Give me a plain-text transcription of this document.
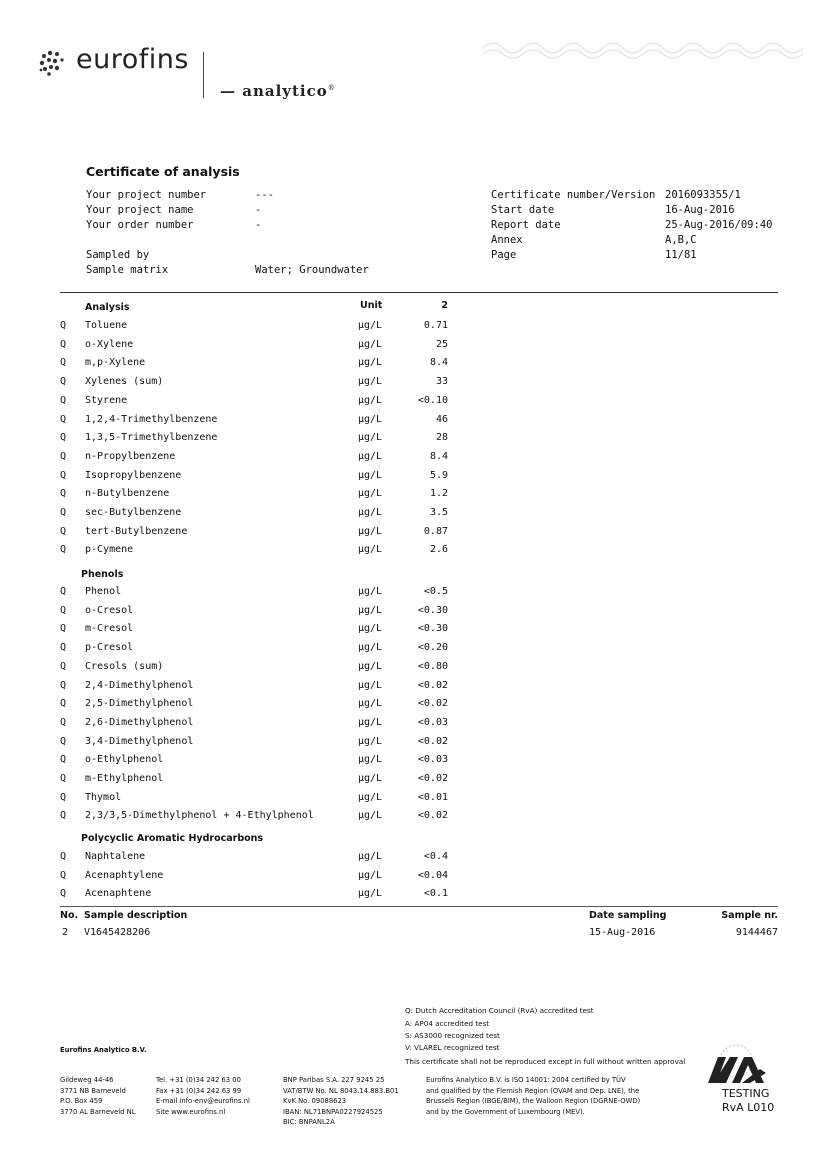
eurofins
— analytico®
Certificate of analysis
Your project number	---
Your project name	-
Your order number	-
Sampled by
Sample matrix	Water; Groundwater
Certificate number/Version 2016093355/1
Start date	16-Aug-2016
Report date	25-Aug-2016/09:40
Annex	A,B,C
Page	11/81
Analysis	Unit	2
Q Toluene	µg/L	0.71
Q o-Xylene	µg/L	25
Q m,p-Xylene	µg/L	8.4
Q Xylenes (sum)	µg/L	33
Q Styrene	µg/L	<0.10
Q 1,2,4-Trimethylbenzene	µg/L	46
Q 1,3,5-Trimethylbenzene	µg/L	28
Q n-Propylbenzene	µg/L	8.4
Q Isopropylbenzene	µg/L	5.9
Q n-Butylbenzene	µg/L	1.2
Q sec-Butylbenzene	µg/L	3.5
Q tert-Butylbenzene	µg/L	0.87
Q p-Cymene	µg/L	2.6
Phenols
Q Phenol	µg/L	<0.5
Q o-Cresol	µg/L	<0.30
Q m-Cresol	µg/L	<0.30
Q p-Cresol	µg/L	<0.20
Q Cresols (sum)	µg/L	<0.80
Q 2,4-Dimethylphenol	µg/L	<0.02
Q 2,5-Dimethylphenol	µg/L	<0.02
Q 2,6-Dimethylphenol	µg/L	<0.03
Q 3,4-Dimethylphenol	µg/L	<0.02
Q o-Ethylphenol	µg/L	<0.03
Q m-Ethylphenol	µg/L	<0.02
Q Thymol	µg/L	<0.01
Q 2,3/3,5-Dimethylphenol + 4-Ethylphenol	µg/L	<0.02
Polycyclic Aromatic Hydrocarbons
Q Naphtalene	µg/L	<0.4
Q Acenaphtylene	µg/L	<0.04
Q Acenaphtene	µg/L	<0.1
No. Sample description	Date sampling	Sample nr.
2 V1645428206	15-Aug-2016	9144467
Q: Dutch Accreditation Council (RvA) accredited test
A: AP04 accredited test
S: AS3000 recognized test
V: VLAREL recognized test
This certificate shall not be reproduced except in full without written approval
Eurofins Analytico B.V.
Gildeweg 44-46
3771 NB Barneveld
P.O. Box 459
3770 AL Barneveld NL
Tel. +31 (0)34 242 63 00
Fax +31 (0)34 242 63 99
E-mail info-env@eurofins.nl
Site www.eurofins.nl
BNP Paribas S.A. 227 9245 25
VAT/BTW No. NL 8043.14.883.B01
KvK No. 09088623
IBAN: NL71BNPA0227924525
BIC: BNPANL2A
Eurofins Analytico B.V. is ISO 14001: 2004 certified by TÜV
and qualified by the Flemish Region (OVAM and Dep. LNE), the
Brussels Region (IBGE/BIM), the Walloon Region (DGRNE-OWD)
and by the Government of Luxembourg (MEV).
TESTING
RvA L010
